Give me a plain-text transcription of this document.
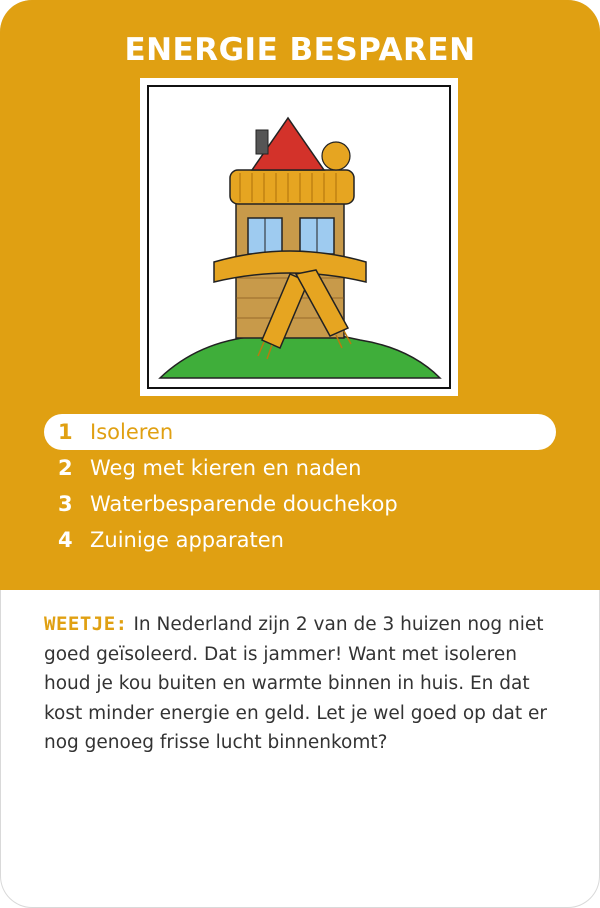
ENERGIE BESPAREN
1 Isoleren
2 Weg met kieren en naden
3 Waterbesparende douchekop
4 Zuinige apparaten
WEETJE: In Nederland zijn 2 van de 3 huizen nog niet goed geïsoleerd. Dat is jammer! Want met isoleren houd je kou buiten en warmte binnen in huis. En dat kost minder energie en geld. Let je wel goed op dat er nog genoeg frisse lucht binnenkomt?
